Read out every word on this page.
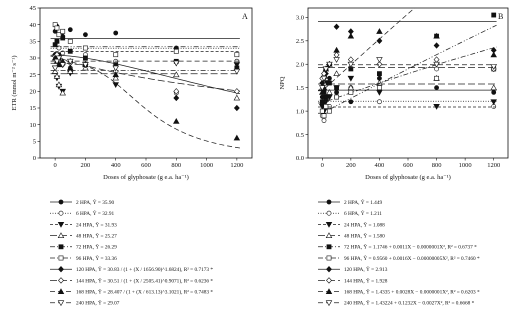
A
0	200	400	600	800	1000	1200
0
5
10
15
20
25
30
35
40
45
Doses of glyphosate (g e.a. ha⁻¹)
ETR (mmol m⁻² s⁻¹)
2 HPA, Ŷ = 35.90
6 HPA, Ŷ = 32.91
24 HPA, Ŷ = 31.93
48 HPA, Ŷ = 25.27
72 HPA, Ŷ = 26.29
96 HPA, Ŷ = 33.36
120 HPA, Ŷ = 30.83 / (1 + (X / 1656.90)^1.6824), R² = 0.7173 *
144 HPA, Ŷ = 30.51 / (1 + (X / 2505.41)^0.9071), R² = 0.6236 *
168 HPA, Ŷ = 28.407 / (1 + (X / 613.13)^3.1021), R² = 0.7483 *
240 HPA, Ŷ = 29.07
B
0	200	400	600	800	1000 1200
0.0
0.5
1.0
1.5
2.0
2.5
3.0
Doses of glyphosate (g e.a. ha⁻¹)
NPQ
2 HPA, Ŷ = 1.449
6 HPA, Ŷ = 1.211
24 HPA, Ŷ = 1.088
48 HPA, Ŷ = 1.580
72 HPA, Ŷ = 1.1746 + 0.0011X − 0.0000001X², R² = 0.6737 *
96 HPA, Ŷ = 0.9560 + 0.0016X − 0.00000005X², R² = 0.7460 *
120 HPA, Ŷ = 2.913
144 HPA, Ŷ = 1.928
168 HPA, Ŷ = 1.4335 + 0.0028X − 0.0000001X², R² = 0.6203 *
240 HPA, Ŷ = 1.43224 + 0.1232X − 0.0027X², R² = 0.6668 *
